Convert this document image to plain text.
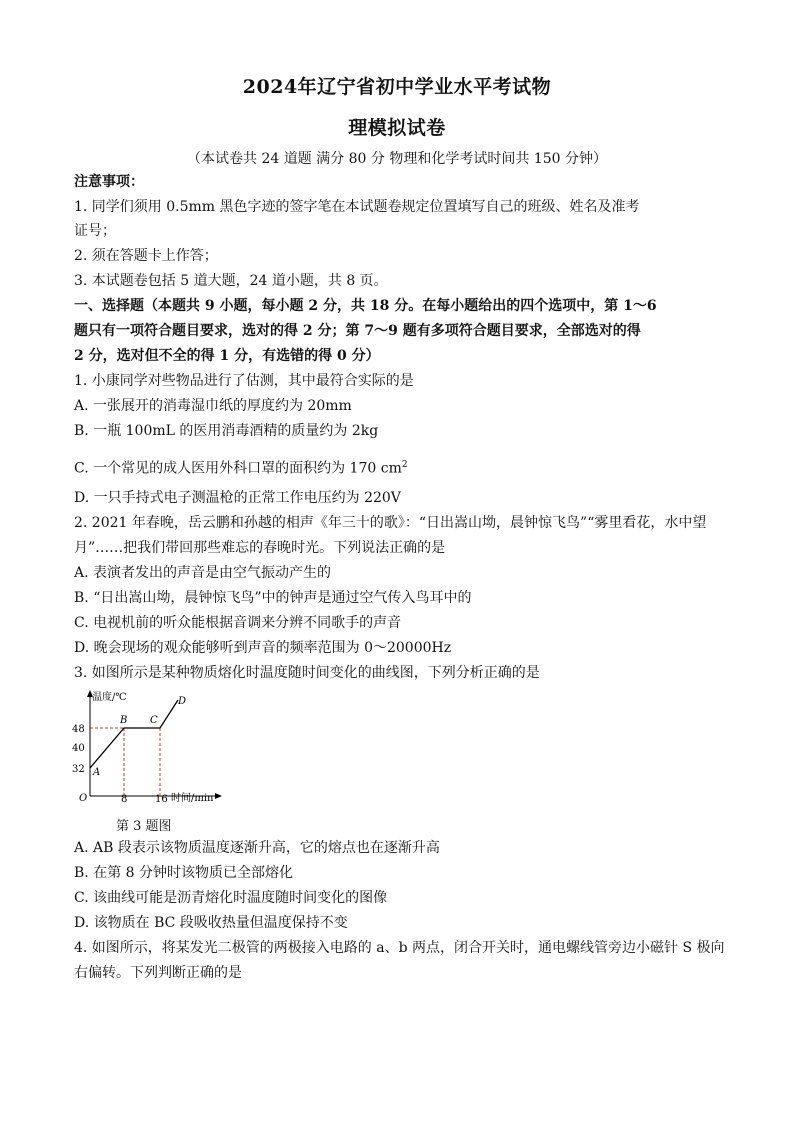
2024年辽宁省初中学业水平考试物
理模拟试卷
（本试卷共 24 道题 满分 80 分 物理和化学考试时间共 150 分钟）
注意事项：
1. 同学们须用 0.5mm 黑色字迹的签字笔在本试题卷规定位置填写自己的班级、姓名及准考
证号；
2. 须在答题卡上作答；
3. 本试题卷包括 5 道大题，24 道小题，共 8 页。
一、选择题（本题共 9 小题，每小题 2 分，共 18 分。在每小题给出的四个选项中，第 1～6
题只有一项符合题目要求，选对的得 2 分；第 7～9 题有多项符合题目要求，全部选对的得
2 分，选对但不全的得 1 分，有选错的得 0 分）
1. 小康同学对些物品进行了估测，其中最符合实际的是
A. 一张展开的消毒湿巾纸的厚度约为 20mm
B. 一瓶 100mL 的医用消毒酒精的质量约为 2kg
C. 一个常见的成人医用外科口罩的面积约为 170 $cm^2$
D. 一只手持式电子测温枪的正常工作电压约为 220V
2. 2021 年春晚，岳云鹏和孙越的相声《年三十的歌》：“日出嵩山坳，晨钟惊飞鸟”“雾里看花，水中望
月”……把我们带回那些难忘的春晚时光。下列说法正确的是
A. 表演者发出的声音是由空气振动产生的
B. “日出嵩山坳，晨钟惊飞鸟”中的钟声是通过空气传入鸟耳中的
C. 电视机前的听众能根据音调来分辨不同歌手的声音
D. 晚会现场的观众能够听到声音的频率范围为 0～20000Hz
3. 如图所示是某种物质熔化时温度随时间变化的曲线图，下列分析正确的是
温度/℃
时间/min
O
48
40
32
8	16
A
B C
D
第 3 题图
A. AB 段表示该物质温度逐渐升高，它的熔点也在逐渐升高
B. 在第 8 分钟时该物质已全部熔化
C. 该曲线可能是沥青熔化时温度随时间变化的图像
D. 该物质在 BC 段吸收热量但温度保持不变
4. 如图所示，将某发光二极管的两极接入电路的 a、b 两点，闭合开关时，通电螺线管旁边小磁针 S 极向
右偏转。下列判断正确的是
